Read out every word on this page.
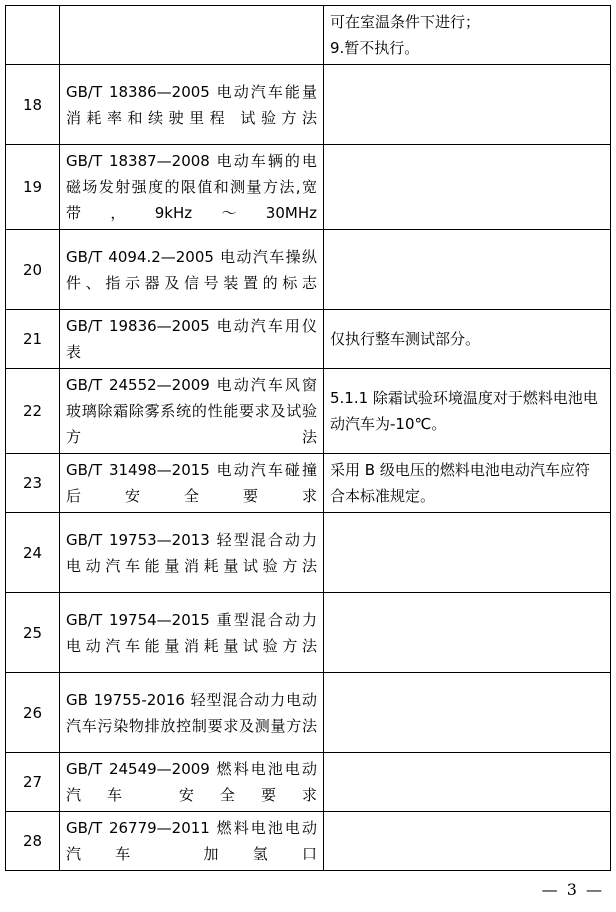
		可在室温条件下进行；
9.暂不执行。
18	GB/T 18386—2005 电动汽车能量消耗率和续驶里程 试验方法	
19	GB/T 18387—2008 电动车辆的电磁场发射强度的限值和测量方法,宽带，9kHz～30MHz	
20	GB/T 4094.2—2005 电动汽车操纵件、指示器及信号装置的标志	
21	GB/T 19836—2005 电动汽车用仪表	仅执行整车测试部分。
22	GB/T 24552—2009 电动汽车风窗玻璃除霜除雾系统的性能要求及试验方法	5.1.1 除霜试验环境温度对于燃料电池电动汽车为-10℃。
23	GB/T 31498—2015 电动汽车碰撞后安全要求	采用 B 级电压的燃料电池电动汽车应符合本标准规定。
24	GB/T 19753—2013 轻型混合动力电动汽车能量消耗量试验方法	
25	GB/T 19754—2015 重型混合动力电动汽车能量消耗量试验方法	
26	GB 19755-2016 轻型混合动力电动汽车污染物排放控制要求及测量方法	
27	GB/T 24549—2009 燃料电池电动汽车 安全要求	
28	GB/T 26779—2011 燃料电池电动汽车 加氢口	
— 3 —
